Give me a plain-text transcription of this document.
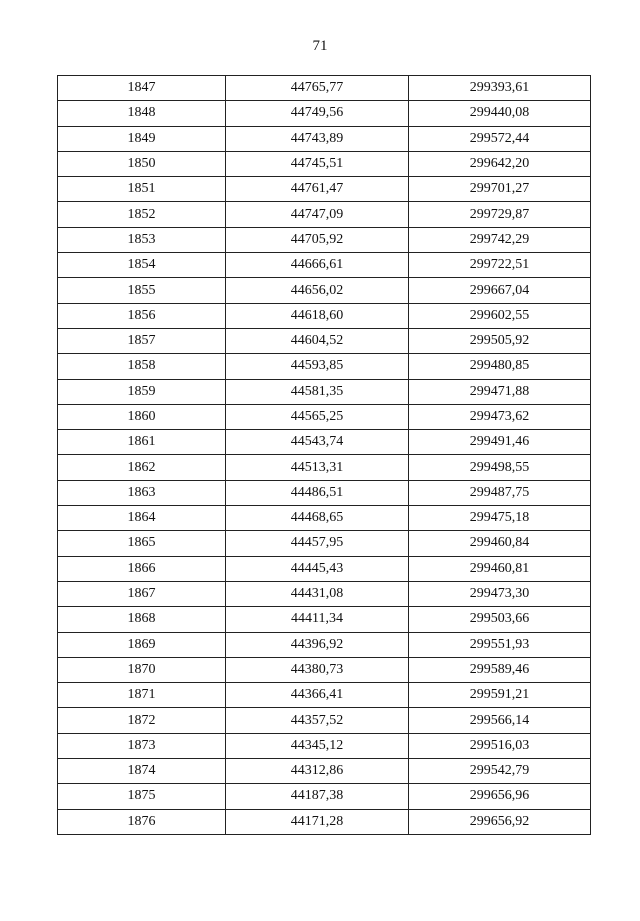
71
1847	44765,77	299393,61
1848	44749,56	299440,08
1849	44743,89	299572,44
1850	44745,51	299642,20
1851	44761,47	299701,27
1852	44747,09	299729,87
1853	44705,92	299742,29
1854	44666,61	299722,51
1855	44656,02	299667,04
1856	44618,60	299602,55
1857	44604,52	299505,92
1858	44593,85	299480,85
1859	44581,35	299471,88
1860	44565,25	299473,62
1861	44543,74	299491,46
1862	44513,31	299498,55
1863	44486,51	299487,75
1864	44468,65	299475,18
1865	44457,95	299460,84
1866	44445,43	299460,81
1867	44431,08	299473,30
1868	44411,34	299503,66
1869	44396,92	299551,93
1870	44380,73	299589,46
1871	44366,41	299591,21
1872	44357,52	299566,14
1873	44345,12	299516,03
1874	44312,86	299542,79
1875	44187,38	299656,96
1876	44171,28	299656,92
